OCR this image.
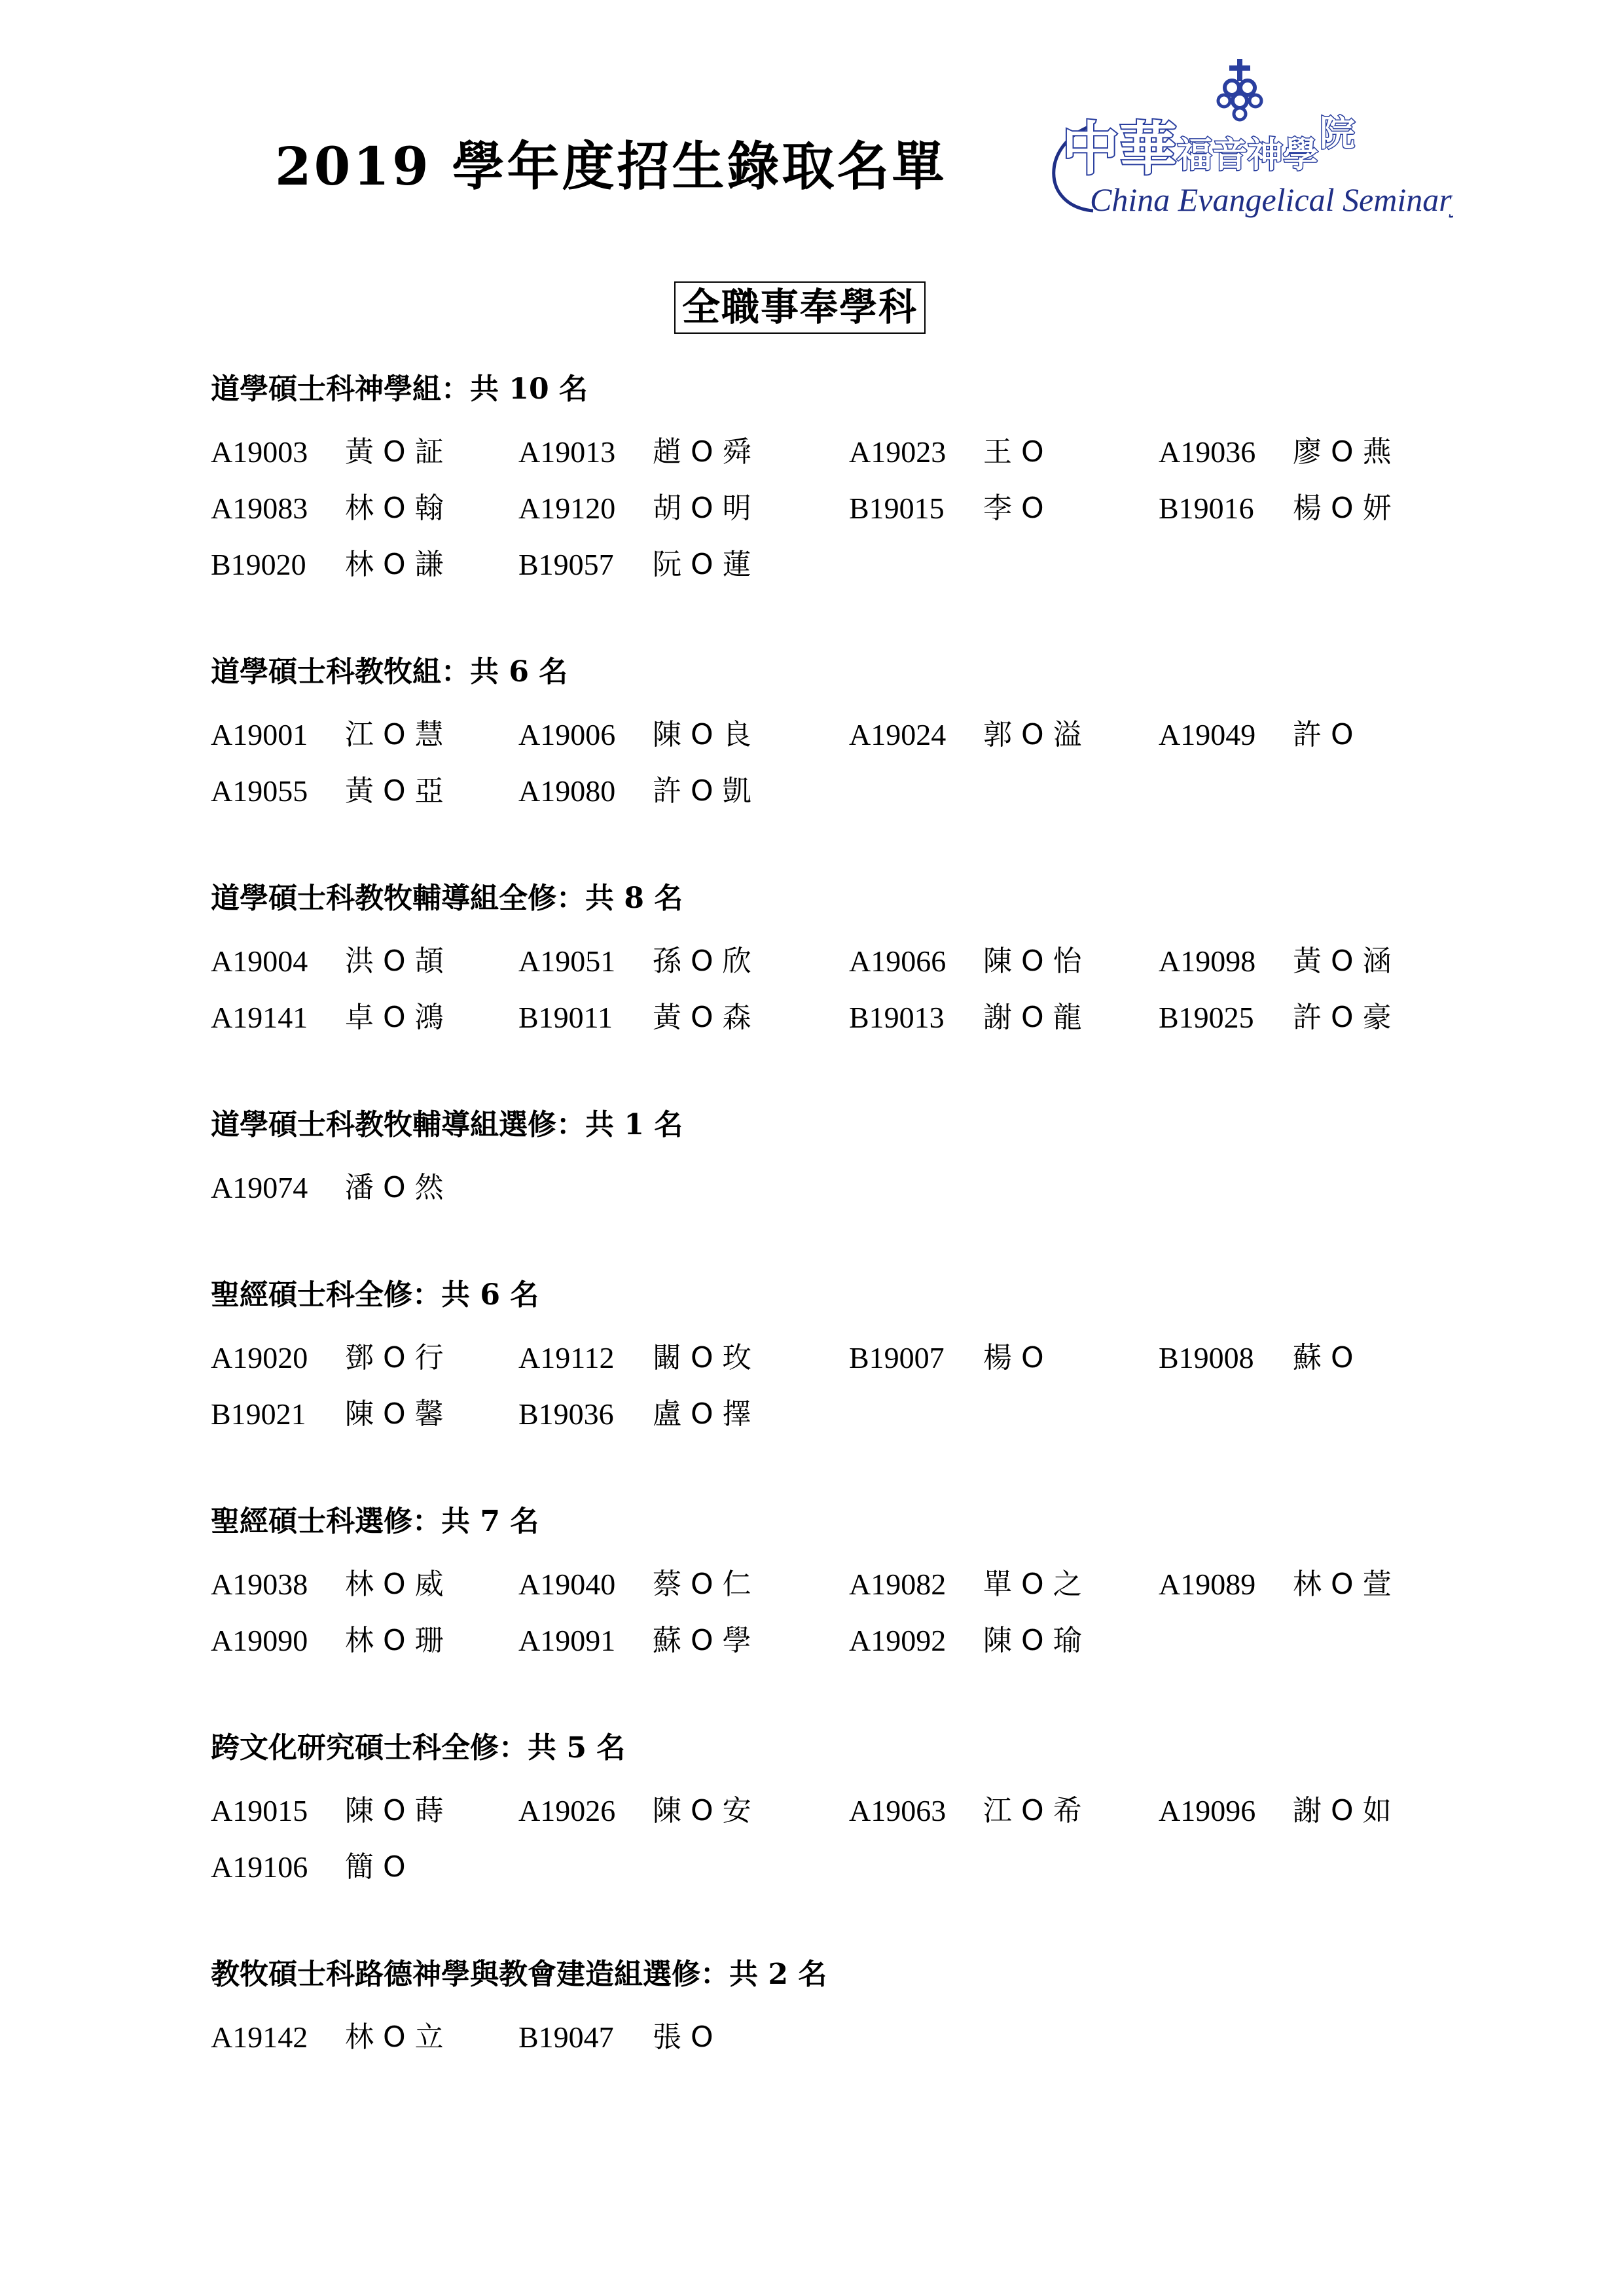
2019 學年度招生錄取名單 中華 福音神學
院
China Evangelical Seminary
全職事奉學科
道學碩士科神學組：共 10 名
A19003	黃 O 証 A19013	趙 O 舜	A19023	王 O	A19036	廖 O 燕
A19083	林 O 翰 A19120	胡 O 明	B19015	李 O	B19016	楊 O 妍
B19020	林 O 謙 B19057	阮 O 蓮
道學碩士科教牧組：共 6 名
A19001	江 O 慧 A19006	陳 O 良	A19024	郭 O 溢	A19049	許 O
A19055	黃 O 亞 A19080	許 O 凱
道學碩士科教牧輔導組全修：共 8 名
A19004	洪 O 頡 A19051	孫 O 欣	A19066	陳 O 怡	A19098	黃 O 涵
A19141	卓 O 鴻 B19011	黃 O 森	B19013	謝 O 龍	B19025	許 O 豪
道學碩士科教牧輔導組選修：共 1 名
A19074	潘 O 然
聖經碩士科全修：共 6 名
A19020	鄧 O 行 A19112	闞 O 玫	B19007	楊 O	B19008	蘇 O
B19021	陳 O 馨 B19036	盧 O 擇
聖經碩士科選修：共 7 名
A19038	林 O 威 A19040	蔡 O 仁	A19082	單 O 之	A19089	林 O 萱
A19090	林 O 珊 A19091	蘇 O 學	A19092	陳 O 瑜
跨文化研究碩士科全修：共 5 名
A19015	陳 O 蒔 A19026	陳 O 安	A19063	江 O 希	A19096	謝 O 如
A19106	簡 O
教牧碩士科路德神學與教會建造組選修：共 2 名
A19142	林 O 立 B19047	張 O
